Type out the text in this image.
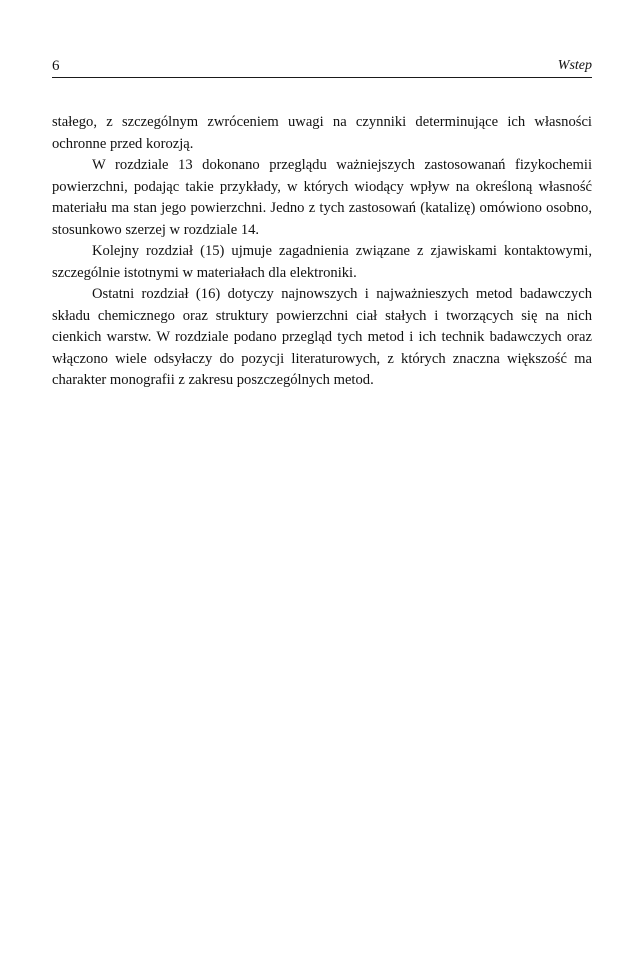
6	Wstep

stałego, z szczególnym zwróceniem uwagi na czynniki determinujące ich własności ochronne przed korozją.

W rozdziale 13 dokonano przeglądu ważniejszych zastosowanań fizykochemii powierzchni, podając takie przykłady, w których wiodący wpływ na określoną własność materiału ma stan jego powierzchni. Jedno z tych zastosowań (katalizę) omówiono osobno, stosunkowo szerzej w rozdziale 14.

Kolejny rozdział (15) ujmuje zagadnienia związane z zjawiskami kontaktowymi, szczególnie istotnymi w materiałach dla elektroniki.

Ostatni rozdział (16) dotyczy najnowszych i najważnieszych metod badawczych składu chemicznego oraz struktury powierzchni ciał stałych i tworzących się na nich cienkich warstw. W rozdziale podano przegląd tych metod i ich technik badawczych oraz włączono wiele odsyłaczy do pozycji literaturowych, z których znaczna większość ma charakter monografii z zakresu poszczególnych metod.
